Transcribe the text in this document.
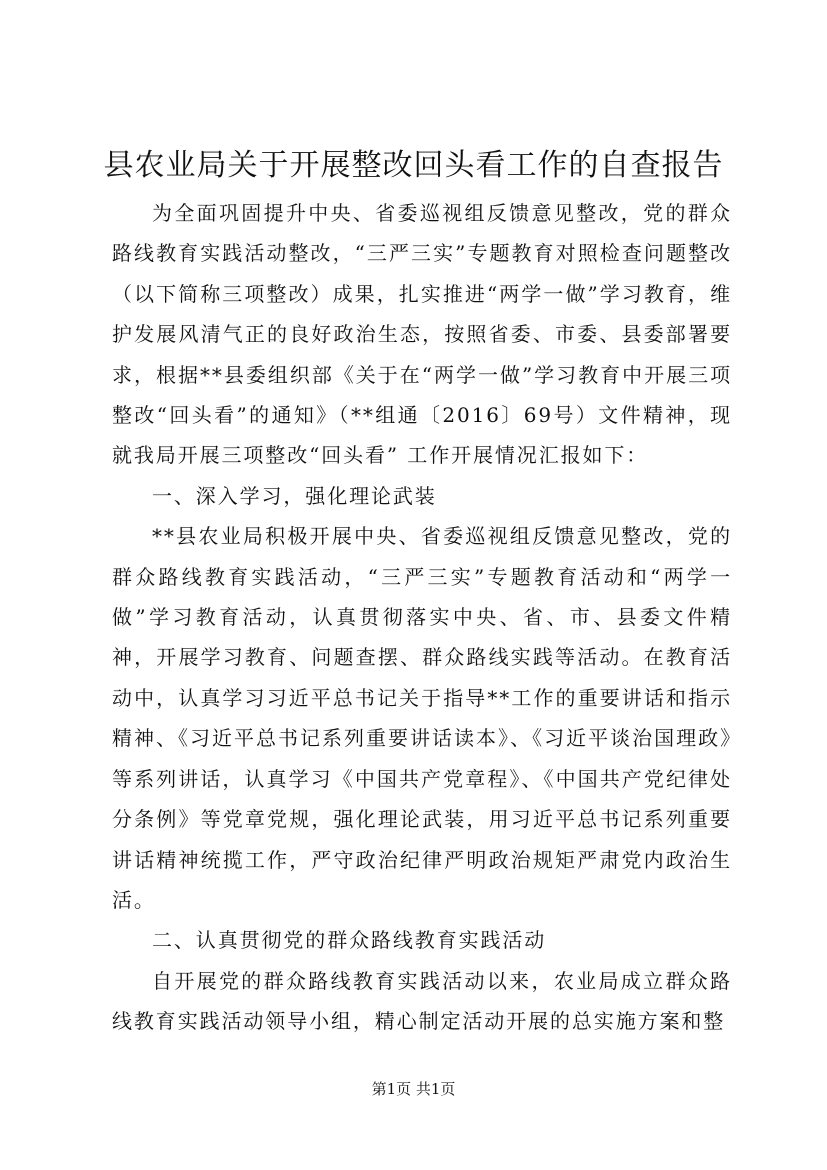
县农业局关于开展整改回头看工作的自查报告

为全面巩固提升中央、省委巡视组反馈意见整改，党的群众路线教育实践活动整改，“三严三实”专题教育对照检查问题整改（以下简称三项整改）成果，扎实推进“两学一做”学习教育，维护发展风清气正的良好政治生态，按照省委、市委、县委部署要求，根据**县委组织部《关于在“两学一做”学习教育中开展三项整改“回头看”的通知》（**组通〔2016〕69号）文件精神，现就我局开展三项整改“回头看” 工作开展情况汇报如下：

一、深入学习，强化理论武装

**县农业局积极开展中央、省委巡视组反馈意见整改，党的群众路线教育实践活动，“三严三实”专题教育活动和“两学一做”学习教育活动，认真贯彻落实中央、省、市、县委文件精神，开展学习教育、问题查摆、群众路线实践等活动。在教育活动中，认真学习习近平总书记关于指导**工作的重要讲话和指示精神、《习近平总书记系列重要讲话读本》、《习近平谈治国理政》等系列讲话，认真学习《中国共产党章程》、《中国共产党纪律处分条例》等党章党规，强化理论武装，用习近平总书记系列重要讲话精神统揽工作，严守政治纪律严明政治规矩严肃党内政治生活。

二、认真贯彻党的群众路线教育实践活动

自开展党的群众路线教育实践活动以来，农业局成立群众路线教育实践活动领导小组，精心制定活动开展的总实施方案和整

第1页 共1页
